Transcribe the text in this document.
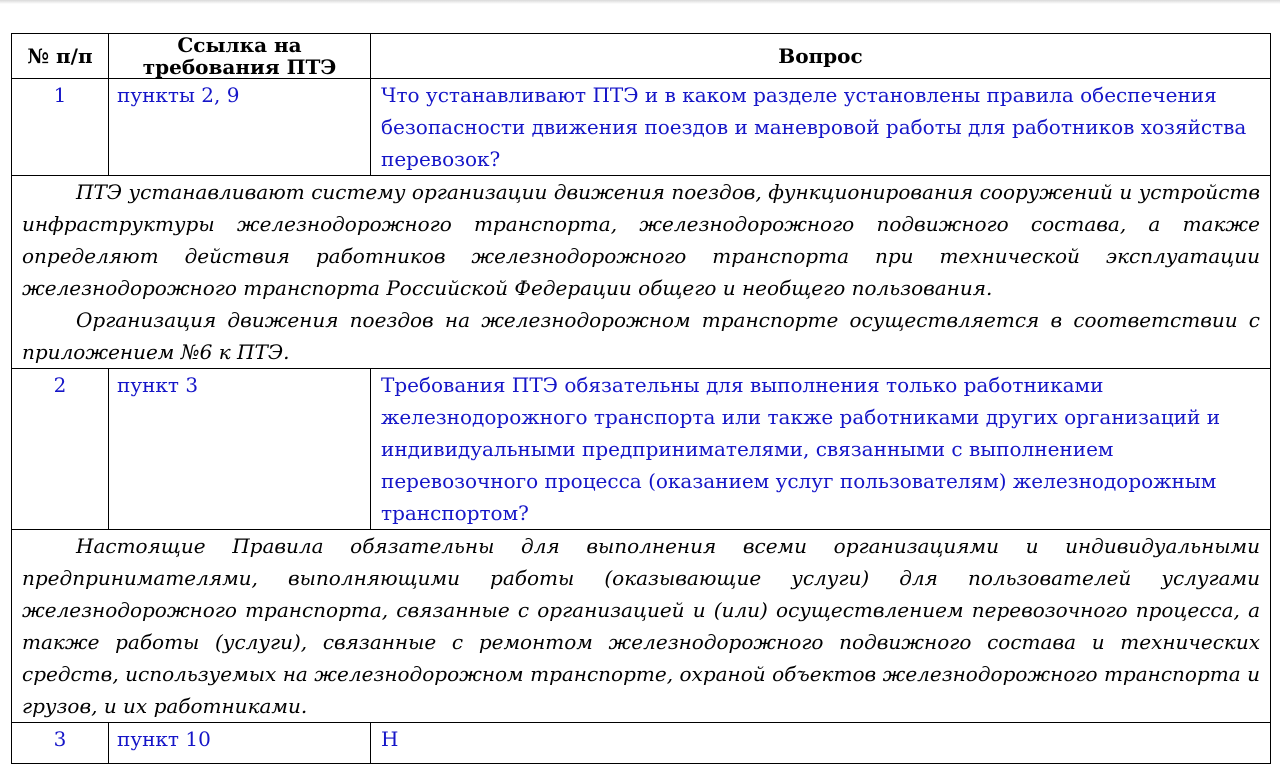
№ п/п	Ссылка на требования ПТЭ	Вопрос
1	пункты 2, 9	Что устанавливают ПТЭ и в каком разделе установлены правила обеспечения безопасности движения поездов и маневровой работы для работников хозяйства перевозок?

ПТЭ устанавливают систему организации движения поездов, функционирования сооружений и устройств инфраструктуры железнодорожного транспорта, железнодорожного подвижного состава, а также определяют действия работников железнодорожного транспорта при технической эксплуатации железнодорожного транспорта Российской Федерации общего и необщего пользования.

Организация движения поездов на железнодорожном транспорте осуществляется в соответствии с приложением №6 к ПТЭ.		

2	пункт 3	Требования ПТЭ обязательны для выполнения только работниками железнодорожного транспорта или также работниками других организаций и индивидуальными предпринимателями, связанными с выполнением перевозочного процесса (оказанием услуг пользователям) железнодорожным транспортом?

Настоящие Правила обязательны для выполнения всеми организациями и индивидуальными предпринимателями, выполняющими работы (оказывающие услуги) для пользователей услугами железнодорожного транспорта, связанные с организацией и (или) осуществлением перевозочного процесса, а также работы (услуги), связанные с ремонтом железнодорожного подвижного состава и технических средств, используемых на железнодорожном транспорте, охраной объектов железнодорожного транспорта и грузов, и их работниками.		

3	пункт 10	Н
